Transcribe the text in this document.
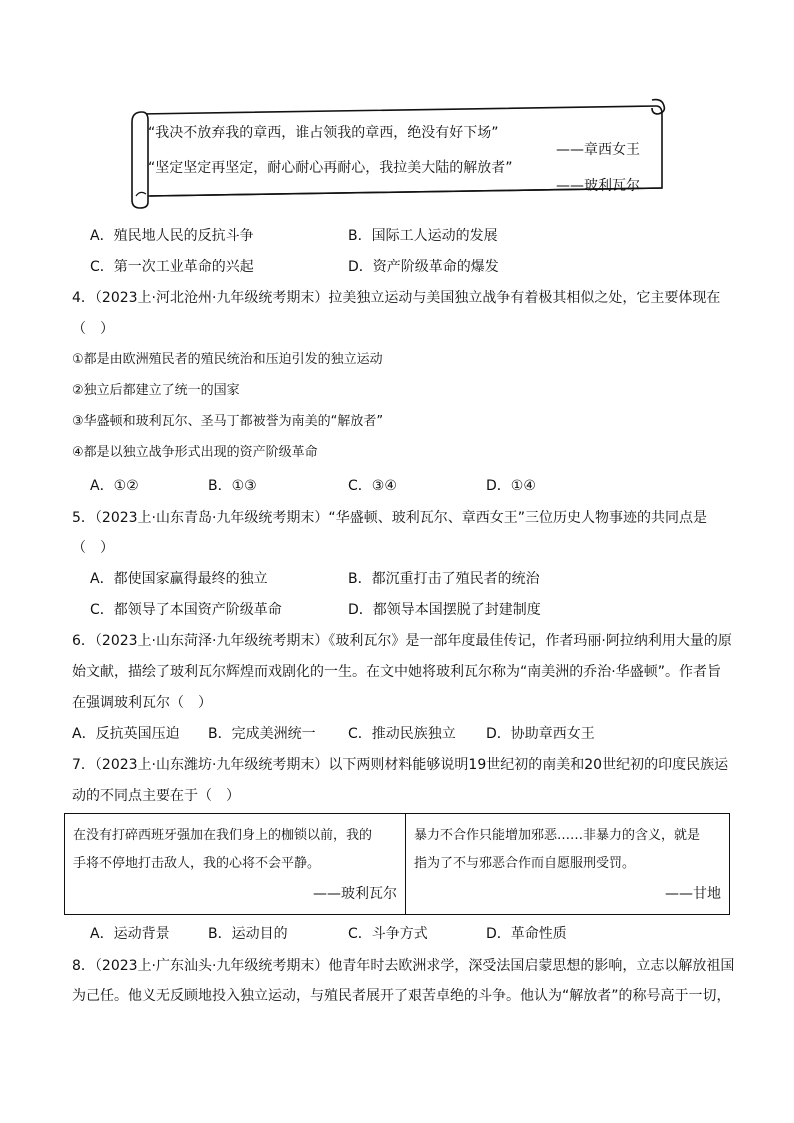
“我决不放弃我的章西，谁占领我的章西，绝没有好下场”
——章西女王
“坚定坚定再坚定，耐心耐心再耐心，我拉美大陆的解放者”
——玻利瓦尔
A．殖民地人民的反抗斗争	B．国际工人运动的发展
C．第一次工业革命的兴起	D．资产阶级革命的爆发
4．（2023上·河北沧州·九年级统考期末）拉美独立运动与美国独立战争有着极其相似之处，它主要体现在
（　）
①都是由欧洲殖民者的殖民统治和压迫引发的独立运动
②独立后都建立了统一的国家
③华盛顿和玻利瓦尔、圣马丁都被誉为南美的“解放者”
④都是以独立战争形式出现的资产阶级革命
A．①②	B．①③	C．③④	D．①④
5．（2023上·山东青岛·九年级统考期末）“华盛顿、玻利瓦尔、章西女王”三位历史人物事迹的共同点是
（　）
A．都使国家赢得最终的独立	B．都沉重打击了殖民者的统治
C．都领导了本国资产阶级革命	D．都领导本国摆脱了封建制度
6．（2023上·山东菏泽·九年级统考期末）《玻利瓦尔》是一部年度最佳传记，作者玛丽·阿拉纳利用大量的原
始文献，描绘了玻利瓦尔辉煌而戏剧化的一生。在文中她将玻利瓦尔称为“南美洲的乔治·华盛顿”。作者旨
在强调玻利瓦尔（　）
A．反抗英国压迫 B．完成美洲统一 C．推动民族独立 D．协助章西女王
7．（2023上·山东潍坊·九年级统考期末）以下两则材料能够说明19世纪初的南美和20世纪初的印度民族运
动的不同点主要在于（　）
在没有打碎西班牙强加在我们身上的枷锁以前，我的
手将不停地打击敌人，我的心将不会平静。
——玻利瓦尔

暴力不合作只能增加邪恶……非暴力的含义，就是
指为了不与邪恶合作而自愿服刑受罚。
——甘地
A．运动背景	B．运动目的	C．斗争方式	D．革命性质
8．（2023上·广东汕头·九年级统考期末）他青年时去欧洲求学，深受法国启蒙思想的影响，立志以解放祖国
为己任。他义无反顾地投入独立运动，与殖民者展开了艰苦卓绝的斗争。他认为“解放者”的称号高于一切，
